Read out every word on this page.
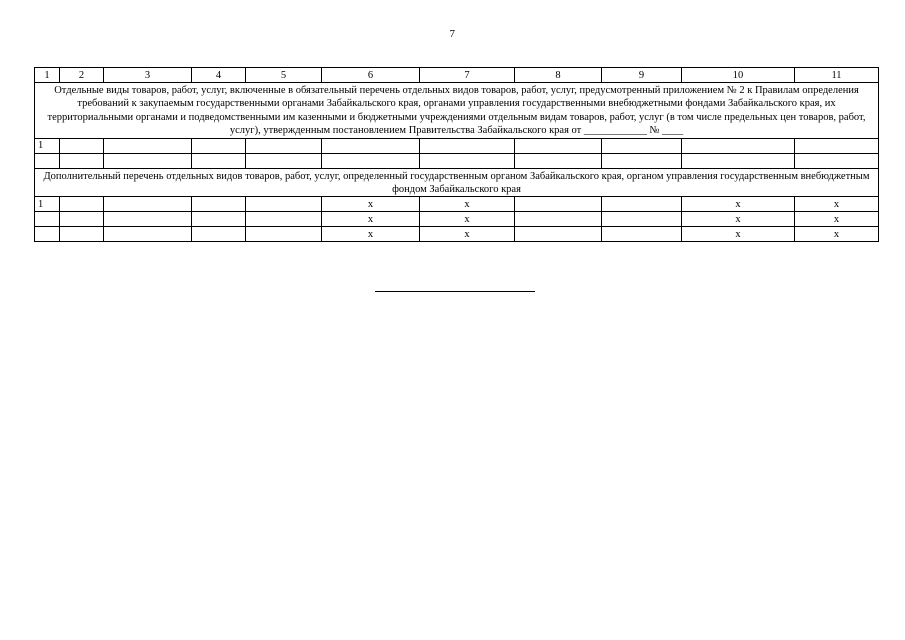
7
1	2	3	4	5	6	7	8	9	10	11
Отдельные виды товаров, работ, услуг, включенные в обязательный перечень отдельных видов товаров, работ, услуг, предусмотренный приложением № 2 к Правилам определения требований к закупаемым государственными органами Забайкальского края, органами управления государственными внебюджетными фондами Забайкальского края, их территориальными органами и подведомственными им казенными и бюджетными учреждениями отдельным видам товаров, работ, услуг (в том числе предельных цен товаров, работ, услуг), утвержденным постановлением Правительства Забайкальского края от ____________ № ____										
1										

Дополнительный перечень отдельных видов товаров, работ, услуг, определенный государственным органом Забайкальского края, органом управления государственным внебюджетным фондом Забайкальского края										
1					x	x			x	x
					x	x			x	x
					x	x			x	x
